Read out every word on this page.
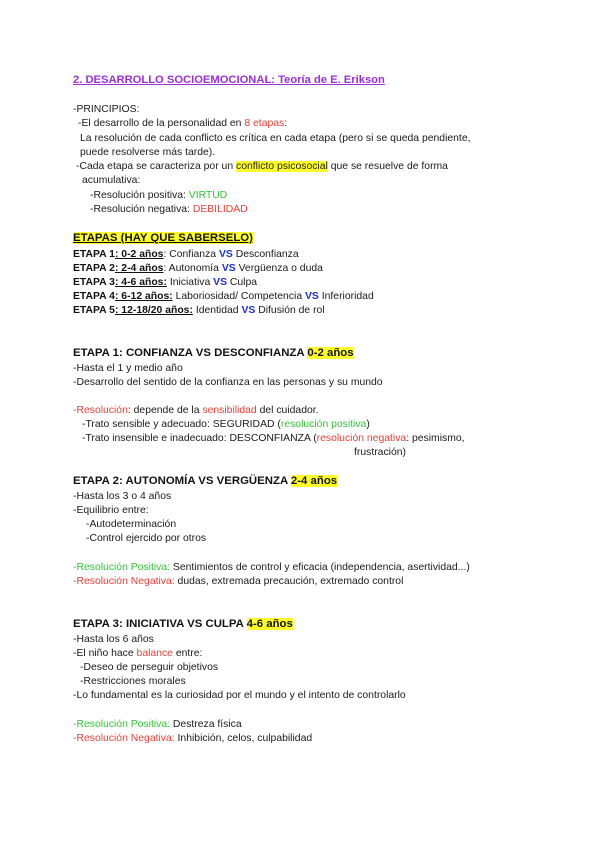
2. DESARROLLO SOCIOEMOCIONAL: Teoría de E. Erikson
-PRINCIPIOS:
-El desarrollo de la personalidad en 8 etapas:
La resolución de cada conflicto es crítica en cada etapa (pero si se queda pendiente,
puede resolverse más tarde).
-Cada etapa se caracteriza por un conflicto psicosocial que se resuelve de forma
acumulativa:
-Resolución positiva: VIRTUD
-Resolución negativa: DEBILIDAD
ETAPAS (HAY QUE SABERSELO)
ETAPA 1: 0-2 años: Confianza VS Desconfianza
ETAPA 2: 2-4 años: Autonomía VS Vergüenza o duda
ETAPA 3: 4-6 años: Iniciativa VS Culpa
ETAPA 4: 6-12 años: Laboriosidad/ Competencia VS Inferioridad
ETAPA 5: 12-18/20 años: Identidad VS Difusión de rol
ETAPA 1: CONFIANZA VS DESCONFIANZA 0-2 años
-Hasta el 1 y medio año
-Desarrollo del sentido de la confianza en las personas y su mundo
-Resolución: depende de la sensibilidad del cuidador.
-Trato sensible y adecuado: SEGURIDAD (resolución positiva)
-Trato insensible e inadecuado: DESCONFIANZA (resolución negativa: pesimismo,
frustración)
ETAPA 2: AUTONOMÍA VS VERGÜENZA 2-4 años
-Hasta los 3 o 4 años
-Equilibrio entre:
-Autodeterminación
-Control ejercido por otros
-Resolución Positiva: Sentimientos de control y eficacia (independencia, asertividad...)
-Resolución Negativa: dudas, extremada precaución, extremado control
ETAPA 3: INICIATIVA VS CULPA 4-6 años
-Hasta los 6 años
-El niño hace balance entre:
-Deseo de perseguir objetivos
-Restricciones morales
-Lo fundamental es la curiosidad por el mundo y el intento de controlarlo
-Resolución Positiva: Destreza física
-Resolución Negativa: Inhibición, celos, culpabilidad
